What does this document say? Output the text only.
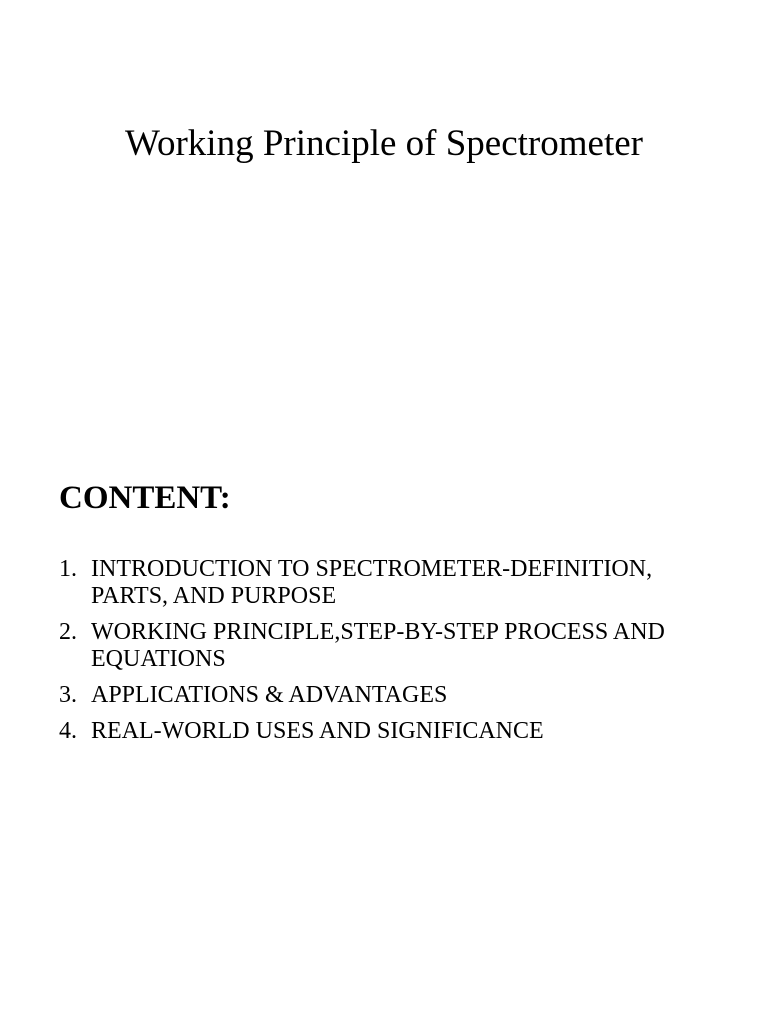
Working Principle of Spectrometer
CONTENT:
1. INTRODUCTION TO SPECTROMETER-DEFINITION, PARTS, AND PURPOSE
2. WORKING PRINCIPLE,STEP-BY-STEP PROCESS AND EQUATIONS
3. APPLICATIONS & ADVANTAGES
4. REAL-WORLD USES AND SIGNIFICANCE
